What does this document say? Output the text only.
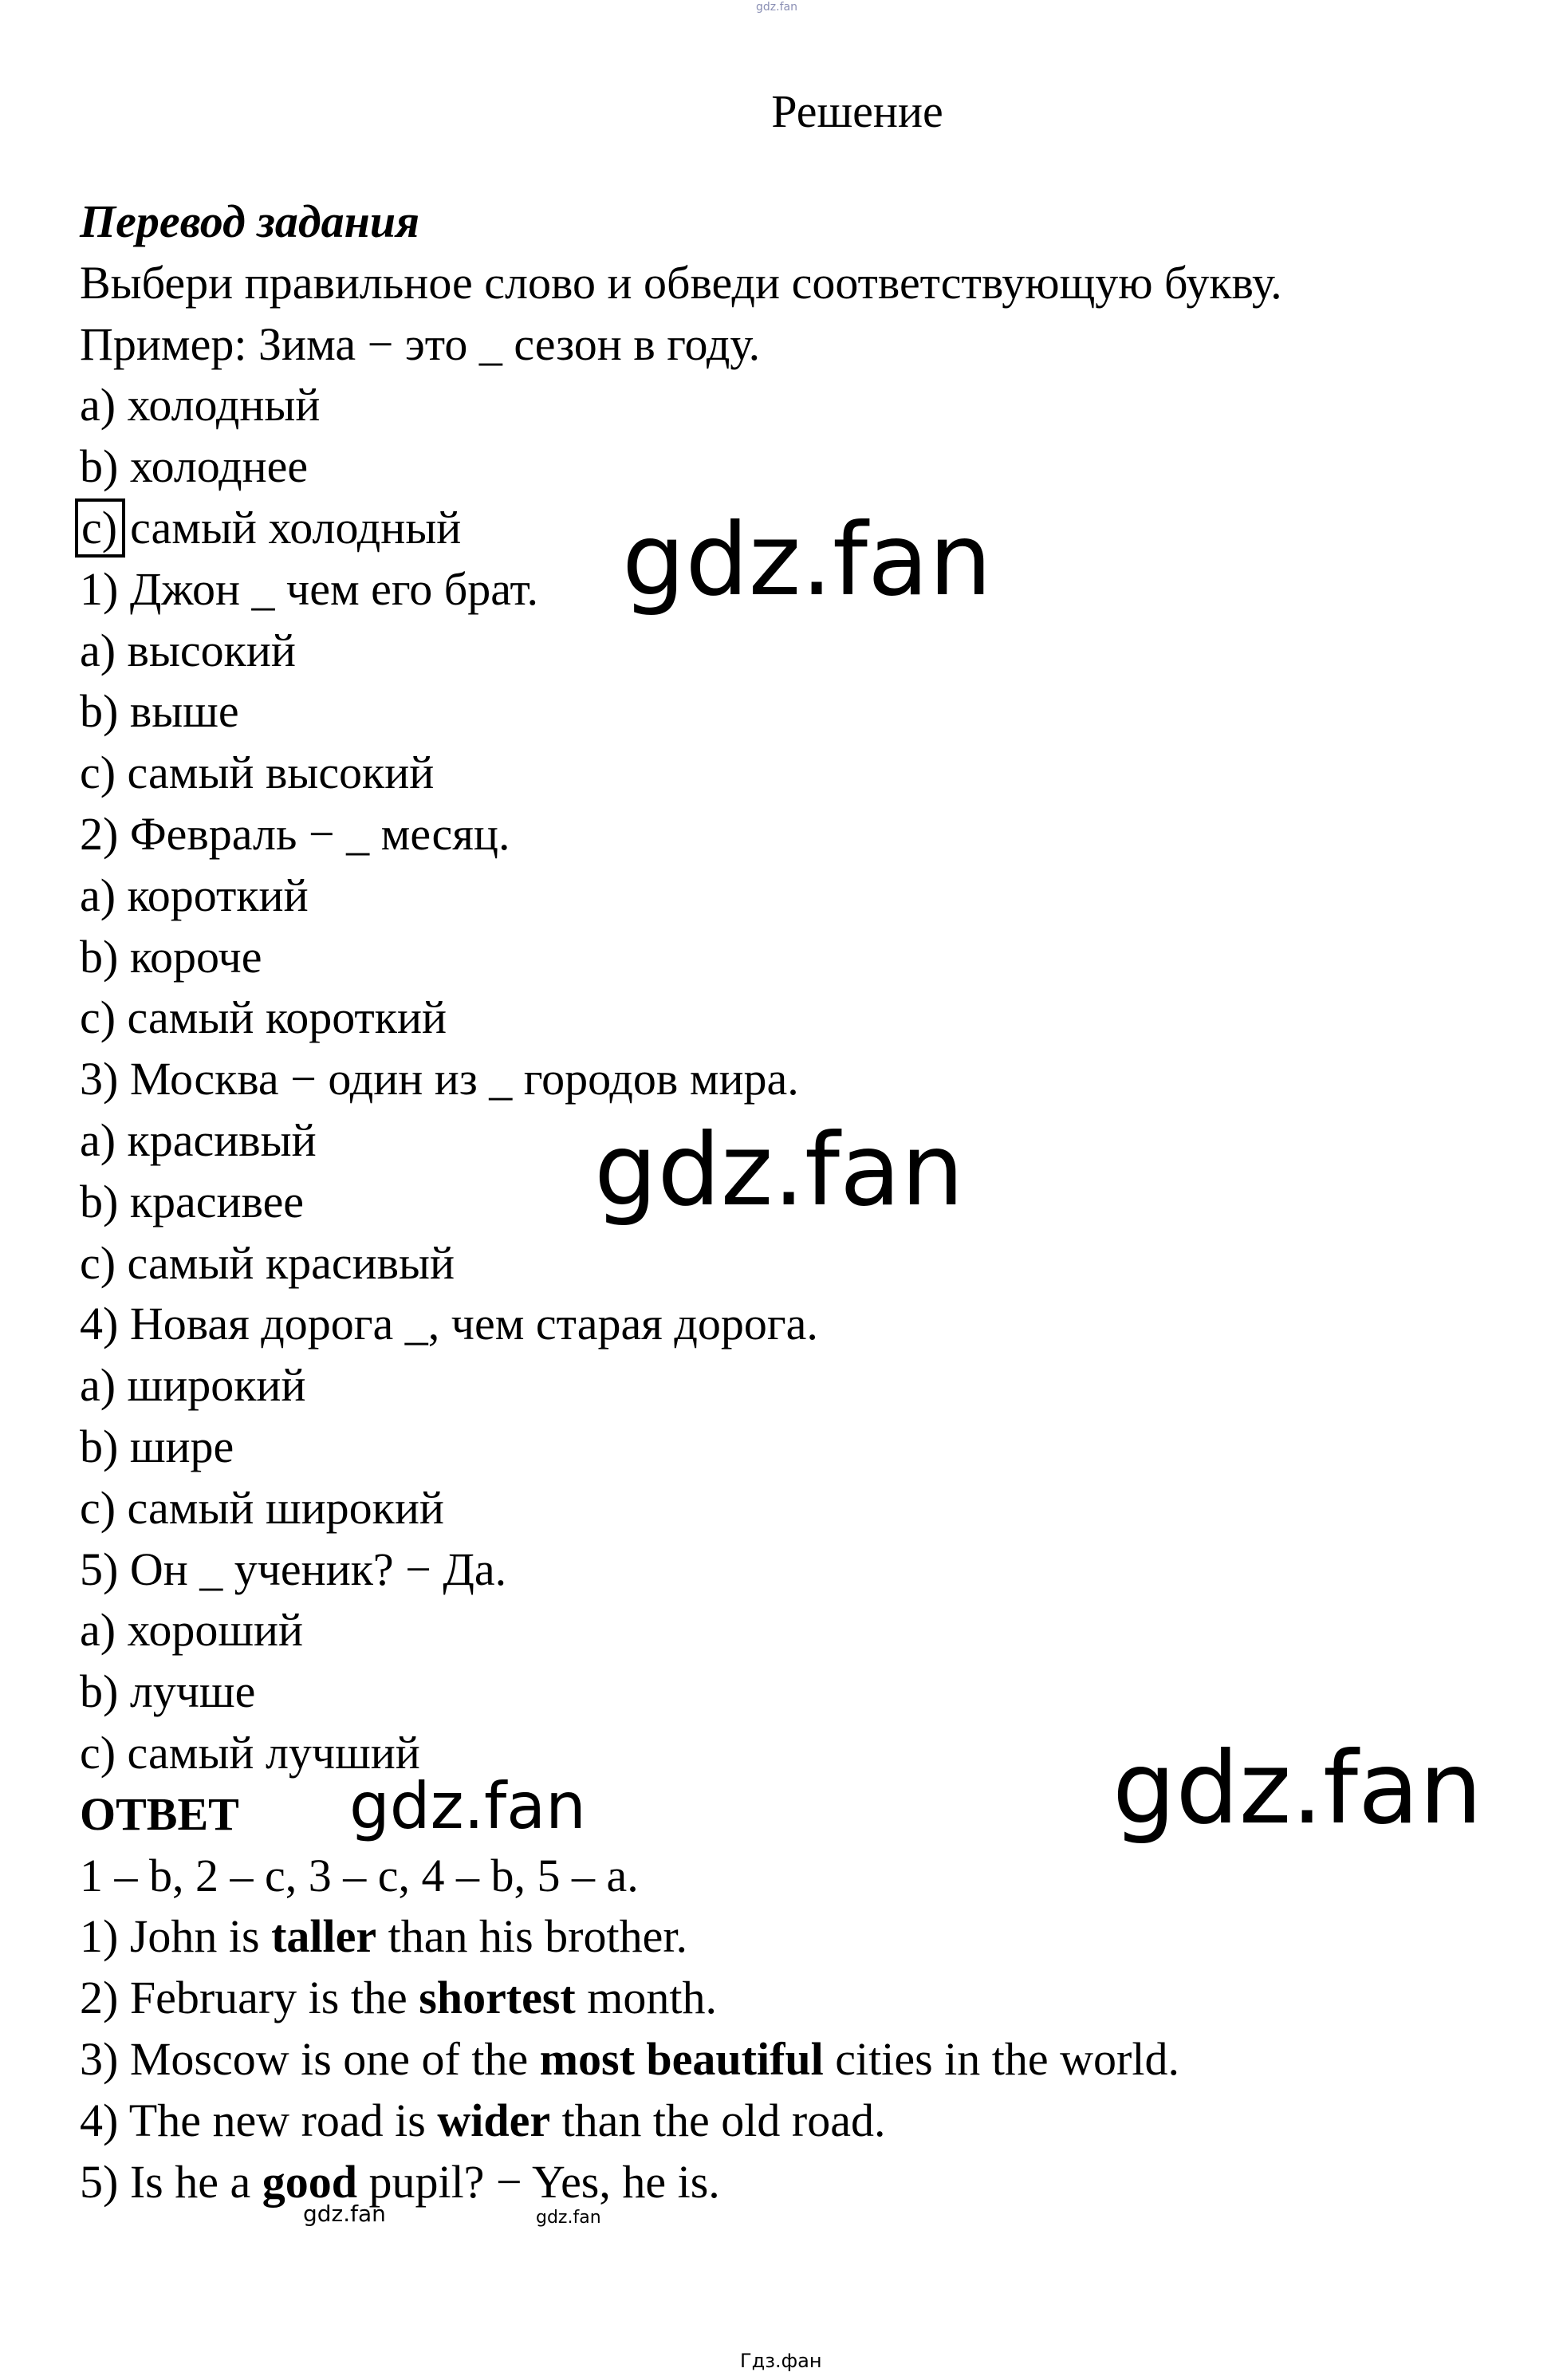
gdz.fan
Решение
Перевод задания
Выбери правильное слово и обведи соответствующую букву.
Пример: Зима − это _ сезон в году.
a) холодный
b) холоднее
c) самый холодный
1) Джон _ чем его брат.
a) высокий
b) выше
c) самый высокий
2) Февраль − _ месяц.
a) короткий
b) короче
c) самый короткий
3) Москва − один из _ городов мира.
a) красивый
b) красивее
c) самый красивый
4) Новая дорога _, чем старая дорога.
a) широкий
b) шире
c) самый широкий
5) Он _ ученик? − Да.
a) хороший
b) лучше
c) самый лучший
ОТВЕТ
1 – b, 2 – c, 3 – c, 4 – b, 5 – a.
1) John is taller than his brother.
2) February is the shortest month.
3) Moscow is one of the most beautiful cities in the world.
4) The new road is wider than the old road.
5) Is he a good pupil? − Yes, he is.
gdz.fan
gdz.fan
gdz.fan
gdz.fan
gdz.fan	gdz.fan
Гдз.фан
